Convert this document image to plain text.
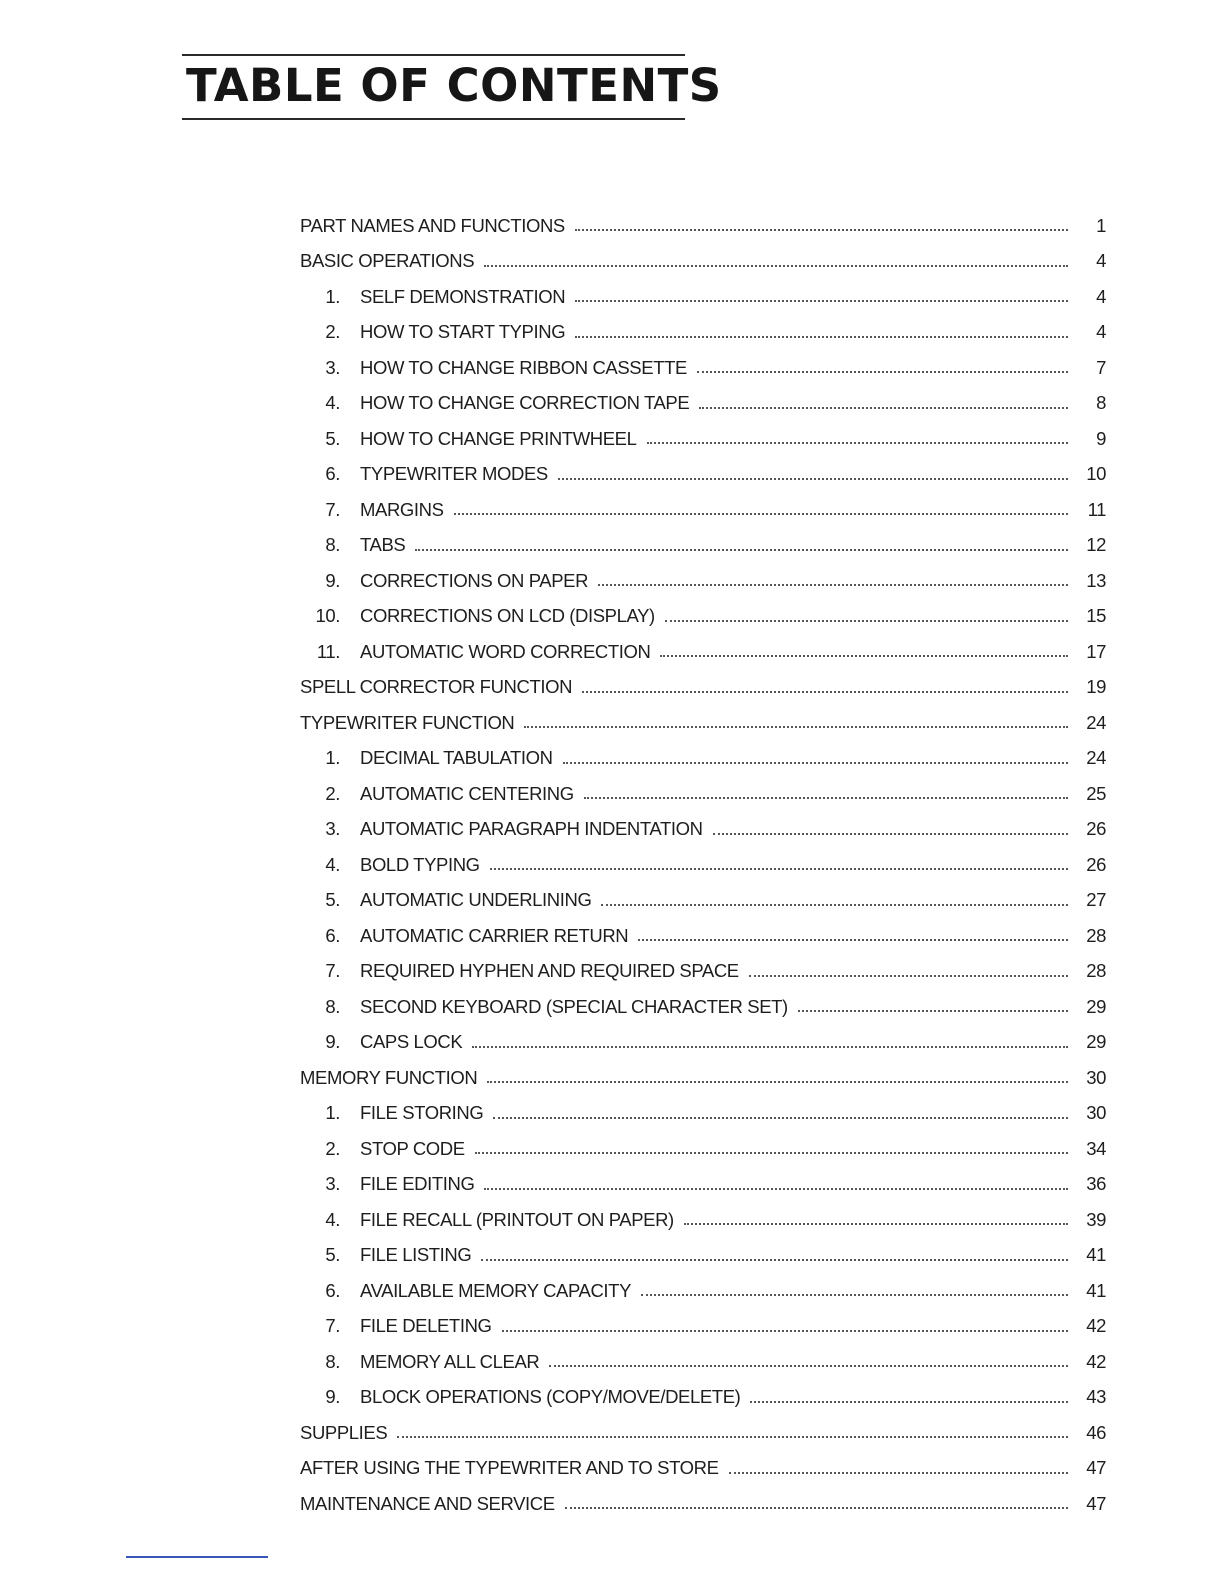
TABLE OF CONTENTS
PART NAMES AND FUNCTIONS	1
BASIC OPERATIONS	4
1.	SELF DEMONSTRATION	4
2.	HOW TO START TYPING	4
3.	HOW TO CHANGE RIBBON CASSETTE	7
4.	HOW TO CHANGE CORRECTION TAPE	8
5.	HOW TO CHANGE PRINTWHEEL	9
6.	TYPEWRITER MODES	10
7.	MARGINS	11
8.	TABS	12
9.	CORRECTIONS ON PAPER	13
10.	CORRECTIONS ON LCD (DISPLAY)	15
11.	AUTOMATIC WORD CORRECTION	17
SPELL CORRECTOR FUNCTION	19
TYPEWRITER FUNCTION	24
1.	DECIMAL TABULATION	24
2.	AUTOMATIC CENTERING	25
3.	AUTOMATIC PARAGRAPH INDENTATION	26
4.	BOLD TYPING	26
5.	AUTOMATIC UNDERLINING	27
6.	AUTOMATIC CARRIER RETURN	28
7.	REQUIRED HYPHEN AND REQUIRED SPACE	28
8.	SECOND KEYBOARD (SPECIAL CHARACTER SET)	29
9.	CAPS LOCK	29
MEMORY FUNCTION	30
1.	FILE STORING	30
2.	STOP CODE	34
3.	FILE EDITING	36
4.	FILE RECALL (PRINTOUT ON PAPER)	39
5.	FILE LISTING	41
6.	AVAILABLE MEMORY CAPACITY	41
7.	FILE DELETING	42
8.	MEMORY ALL CLEAR	42
9.	BLOCK OPERATIONS (COPY/MOVE/DELETE)	43
SUPPLIES	46
AFTER USING THE TYPEWRITER AND TO STORE	47
MAINTENANCE AND SERVICE	47
